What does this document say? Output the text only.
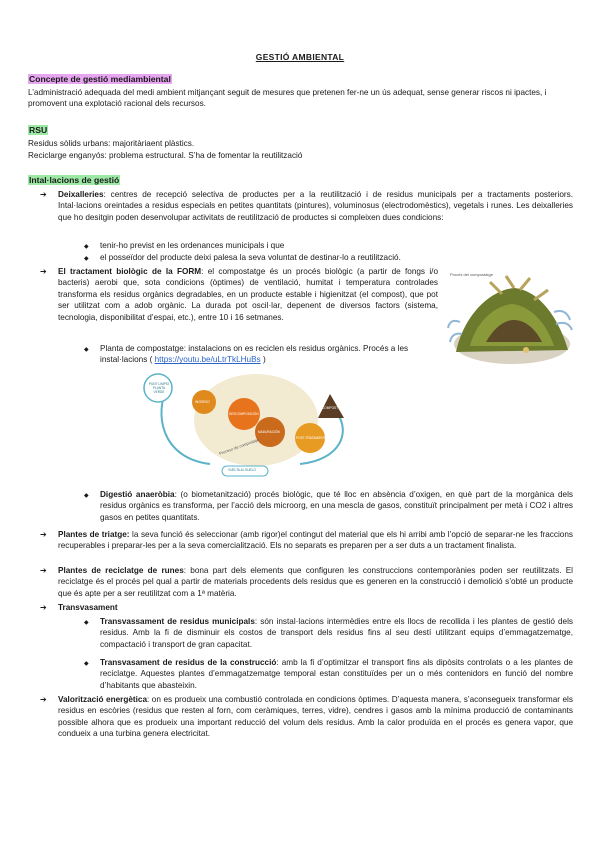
GESTIÓ AMBIENTAL
Concepte de gestió mediambiental
L’administració adequada del medi ambient mitjançant seguit de mesures que pretenen fer-ne un ús adequat, sense generar riscos ni ipactes, i promovent una explotació racional dels recursos.
RSU
Residus sòlids urbans: majoritàriaent plàstics.
Reciclarge enganyós: problema estructural. S’ha de fomentar la reutilització
Intal·lacions de gestió
➔ Deixalleries: centres de recepció selectiva de productes per a la reutilització i de residus municipals per a tractaments posteriors. Intal·lacions oreintades a residus especials en petites quantitats (pintures), voluminosus (electrodomèstics), vegetals i runes. Les deixalleries que ho desitgin poden desenvolupar activitats de reutilització de productes si compleixen dues condicions:
◆ tenir-ho previst en les ordenances municipals i que
◆ el posseïdor del producte deixi palesa la seva voluntat de destinar-lo a reutilització.
➔ El tractament biològic de la FORM: el compostatge és un procés biològic (a partir de fongs i/o bacteris) aerobi que, sota condicions (òptimes) de ventilació, humitat i temperatura controlades transforma els residus orgànics degradables, en un producte estable i higienitzat (el compost), que pot ser utilitzat com a adob orgànic. La durada pot oscil·lar, depenent de diversos factors (sistema, tecnologia, disponibilitat d’espai, etc.), entre 10 i 16 setmanes.
◆ Planta de compostatge: instalacions on es reciclen els residus orgànics. Procés a les instal·lacions ( https://youtu.be/uLtrTkLHuBs )
Procés del compostatge
PUNT LIMPIO
PLANTA
VERDE
INGRESO
DESCOMPOSICIÓN
MADURACIÓN
POST-TRATAMIENTO
COMPOST
Proceso de compostaje
VUELTA AL SUELO
◆ Digestió anaeròbia: (o biometanització) procés biològic, que té lloc en absència d’oxigen, en què part de la morgànica dels residus orgànics es transforma, per l’acció dels microorg, en una mescla de gasos, constituït principalment per metà i CO2 i altres gasos en petites quantitats.
➔ Plantes de triatge: la seva funció és seleccionar (amb rigor)el contingut del material que els hi arribi amb l’opció de separar-ne les fraccions recuperables i preparar-les per a la seva comercialització. Els no separats es preparen per a ser duts a un tractament finalista.
➔ Plantes de reciclatge de runes: bona part dels elements que configuren les construccions contemporànies poden ser reutilitzats. El reciclatge és el procés pel qual a partir de materials procedents dels residus que es generen en la construcció i demolició s’obté un producte que és apte per a ser reutilitzat com a 1ª matèria.
➔ Transvasament
◆ Transvassament de residus municipals: són instal·lacions intermèdies entre els llocs de recollida i les plantes de gestió dels residus. Amb la fi de disminuir els costos de transport dels residus fins al seu destí utilitzant equips d’emmagatzematge, compactació i transport de gran capacitat.
◆ Transvasament de residus de la construcció: amb la fi d’optimitzar el transport fins als dipòsits controlats o a les plantes de reciclatge. Aquestes plantes d’emmagatzematge temporal estan constituïdes per un o més contenidors en funció del nombre d’habitants que abasteixin.
➔ Valorització energètica: on es produeix una combustió controlada en condicions òptimes. D’aquesta manera, s’aconsegueix transformar els residus en escòries (residus que resten al forn, com ceràmiques, terres, vidre), cendres i gasos amb la mínima producció de contaminants possible alhora que es produeix una important reducció del volum dels residus. Amb la calor produïda en el procés es genera vapor, que condueix a una turbina genera electricitat.
